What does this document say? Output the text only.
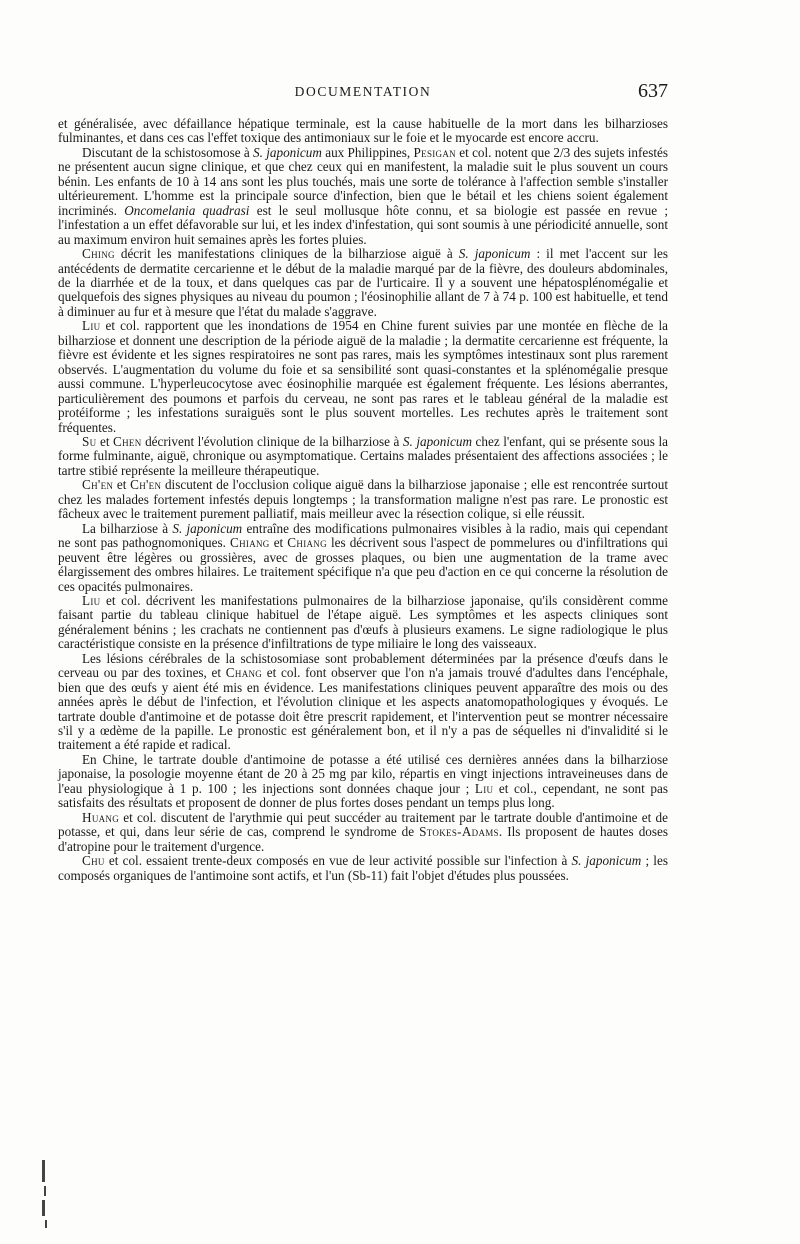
DOCUMENTATION	637

et généralisée, avec défaillance hépatique terminale, est la cause habituelle de la mort dans les bilharzioses fulminantes, et dans ces cas l'effet toxique des antimoniaux sur le foie et le myocarde est encore accru.

Discutant de la schistosomose à S. japonicum aux Philippines, Pesigan et col. notent que 2/3 des sujets infestés ne présentent aucun signe clinique, et que chez ceux qui en manifestent, la maladie suit le plus souvent un cours bénin. Les enfants de 10 à 14 ans sont les plus touchés, mais une sorte de tolérance à l'affection semble s'installer ultérieurement. L'homme est la principale source d'infection, bien que le bétail et les chiens soient également incriminés. Oncomelania quadrasi est le seul mollusque hôte connu, et sa biologie est passée en revue ; l'infestation a un effet défavorable sur lui, et les index d'infestation, qui sont soumis à une périodicité annuelle, sont au maximum environ huit semaines après les fortes pluies.

Ching décrit les manifestations cliniques de la bilharziose aiguë à S. japonicum : il met l'accent sur les antécédents de dermatite cercarienne et le début de la maladie marqué par de la fièvre, des douleurs abdominales, de la diarrhée et de la toux, et dans quelques cas par de l'urticaire. Il y a souvent une hépatosplénomégalie et quelquefois des signes physiques au niveau du poumon ; l'éosinophilie allant de 7 à 74 p. 100 est habituelle, et tend à diminuer au fur et à mesure que l'état du malade s'aggrave.

Liu et col. rapportent que les inondations de 1954 en Chine furent suivies par une montée en flèche de la bilharziose et donnent une description de la période aiguë de la maladie ; la dermatite cercarienne est fréquente, la fièvre est évidente et les signes respiratoires ne sont pas rares, mais les symptômes intestinaux sont plus rarement observés. L'augmentation du volume du foie et sa sensibilité sont quasi-constantes et la splénomégalie presque aussi commune. L'hyperleucocytose avec éosinophilie marquée est également fréquente. Les lésions aberrantes, particulièrement des poumons et parfois du cerveau, ne sont pas rares et le tableau général de la maladie est protéiforme ; les infestations suraiguës sont le plus souvent mortelles. Les rechutes après le traitement sont fréquentes.

Su et Chen décrivent l'évolution clinique de la bilharziose à S. japonicum chez l'enfant, qui se présente sous la forme fulminante, aiguë, chronique ou asymptomatique. Certains malades présentaient des affections associées ; le tartre stibié représente la meilleure thérapeutique.

Ch'en et Ch'en discutent de l'occlusion colique aiguë dans la bilharziose japonaise ; elle est rencontrée surtout chez les malades fortement infestés depuis longtemps ; la transformation maligne n'est pas rare. Le pronostic est fâcheux avec le traitement purement palliatif, mais meilleur avec la résection colique, si elle réussit.

La bilharziose à S. japonicum entraîne des modifications pulmonaires visibles à la radio, mais qui cependant ne sont pas pathognomoniques. Chiang et Chiang les décrivent sous l'aspect de pommelures ou d'infiltrations qui peuvent être légères ou grossières, avec de grosses plaques, ou bien une augmentation de la trame avec élargissement des ombres hilaires. Le traitement spécifique n'a que peu d'action en ce qui concerne la résolution de ces opacités pulmonaires.

Liu et col. décrivent les manifestations pulmonaires de la bilharziose japonaise, qu'ils considèrent comme faisant partie du tableau clinique habituel de l'étape aiguë. Les symptômes et les aspects cliniques sont généralement bénins ; les crachats ne contiennent pas d'œufs à plusieurs examens. Le signe radiologique le plus caractéristique consiste en la présence d'infiltrations de type miliaire le long des vaisseaux.

Les lésions cérébrales de la schistosomiase sont probablement déterminées par la présence d'œufs dans le cerveau ou par des toxines, et Chang et col. font observer que l'on n'a jamais trouvé d'adultes dans l'encéphale, bien que des œufs y aient été mis en évidence. Les manifestations cliniques peuvent apparaître des mois ou des années après le début de l'infection, et l'évolution clinique et les aspects anatomopathologiques y évoqués. Le tartrate double d'antimoine et de potasse doit être prescrit rapidement, et l'intervention peut se montrer nécessaire s'il y a œdème de la papille. Le pronostic est généralement bon, et il n'y a pas de séquelles ni d'invalidité si le traitement a été rapide et radical.

En Chine, le tartrate double d'antimoine de potasse a été utilisé ces dernières années dans la bilharziose japonaise, la posologie moyenne étant de 20 à 25 mg par kilo, répartis en vingt injections intraveineuses dans de l'eau physiologique à 1 p. 100 ; les injections sont données chaque jour ; Liu et col., cependant, ne sont pas satisfaits des résultats et proposent de donner de plus fortes doses pendant un temps plus long.

Huang et col. discutent de l'arythmie qui peut succéder au traitement par le tartrate double d'antimoine et de potasse, et qui, dans leur série de cas, comprend le syndrome de Stokes-Adams. Ils proposent de hautes doses d'atropine pour le traitement d'urgence.

Chu et col. essaient trente-deux composés en vue de leur activité possible sur l'infection à S. japonicum ; les composés organiques de l'antimoine sont actifs, et l'un (Sb-11) fait l'objet d'études plus poussées.
